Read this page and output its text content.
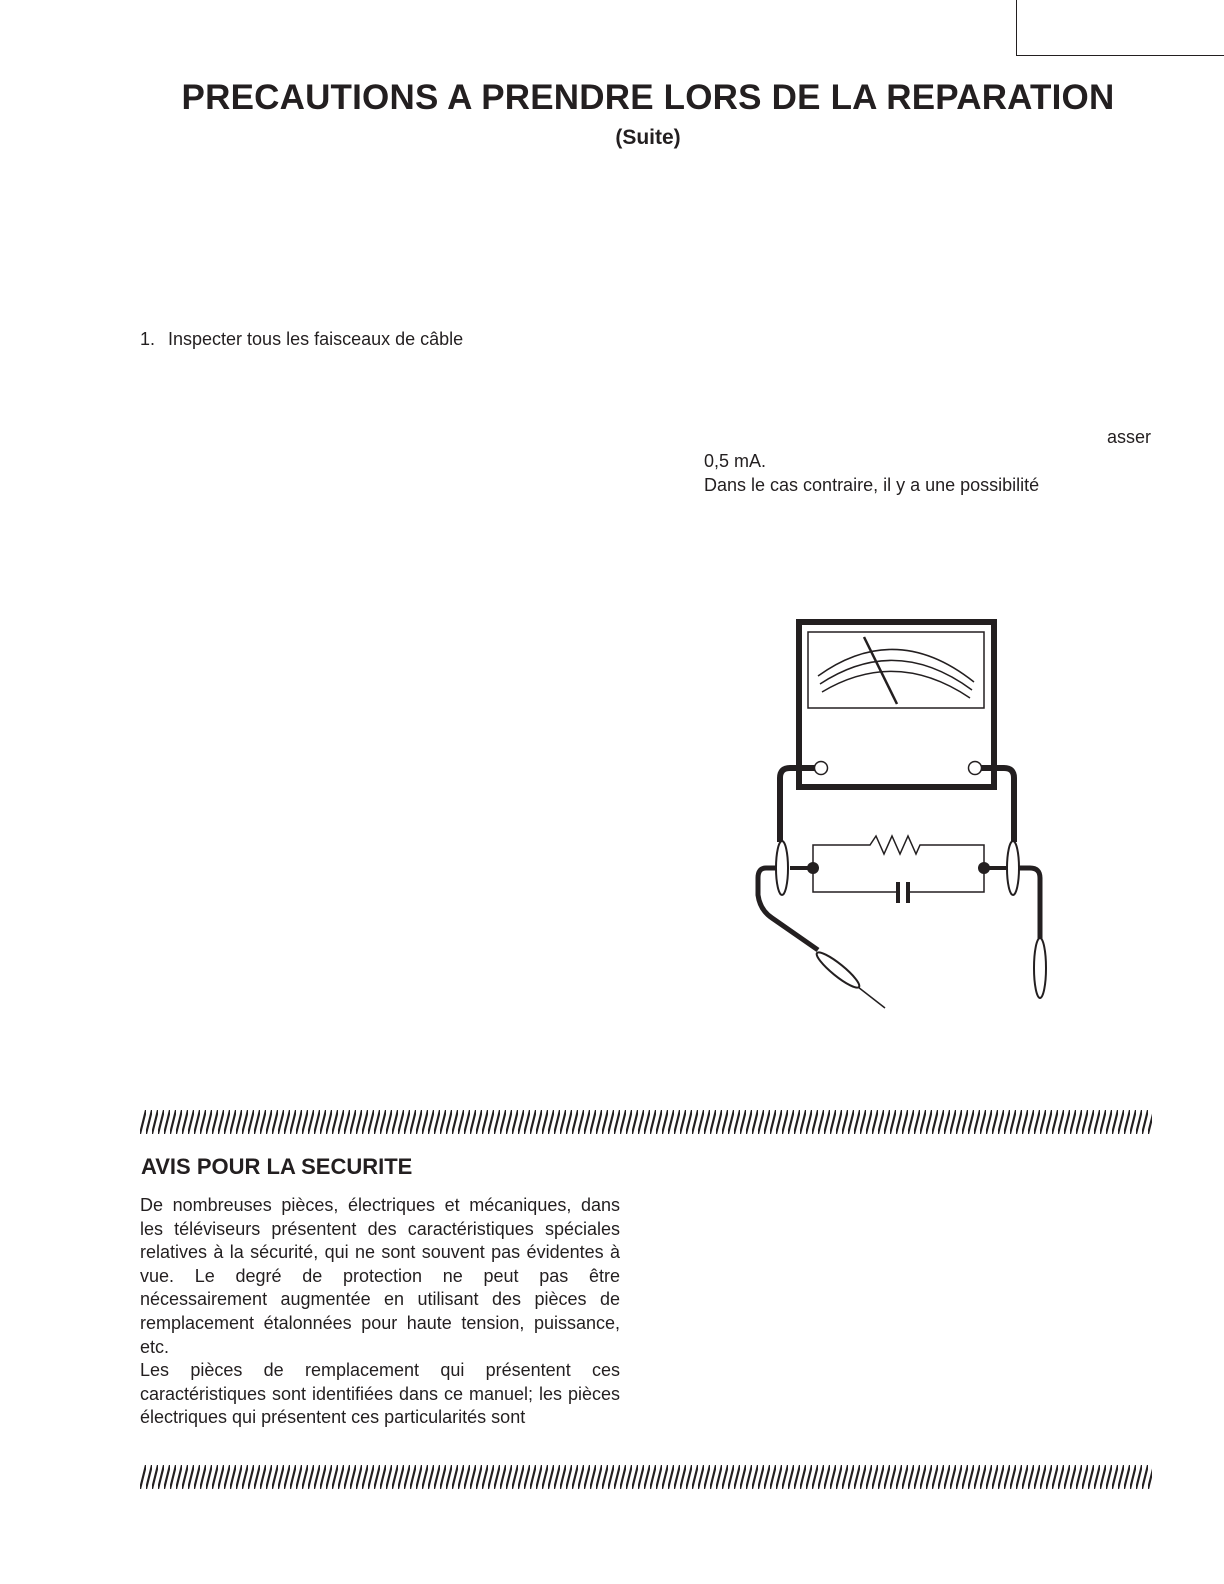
PRECAUTIONS A PRENDRE LORS DE LA REPARATION
(Suite)
1. Inspecter tous les faisceaux de câble
asser
0,5 mA.
Dans le cas contraire, il y a une possibilité
AVIS POUR LA SECURITE

De nombreuses pièces, électriques et mécaniques, dans les téléviseurs présentent des caractéristiques spéciales relatives à la sécurité, qui ne sont souvent pas évidentes à vue. Le degré de protection ne peut pas être nécessairement augmentée en utilisant des pièces de remplacement étalonnées pour haute tension, puissance, etc.

Les pièces de remplacement qui présentent ces caractéristiques sont identifiées dans ce manuel; les pièces électriques qui présentent ces particularités sont
